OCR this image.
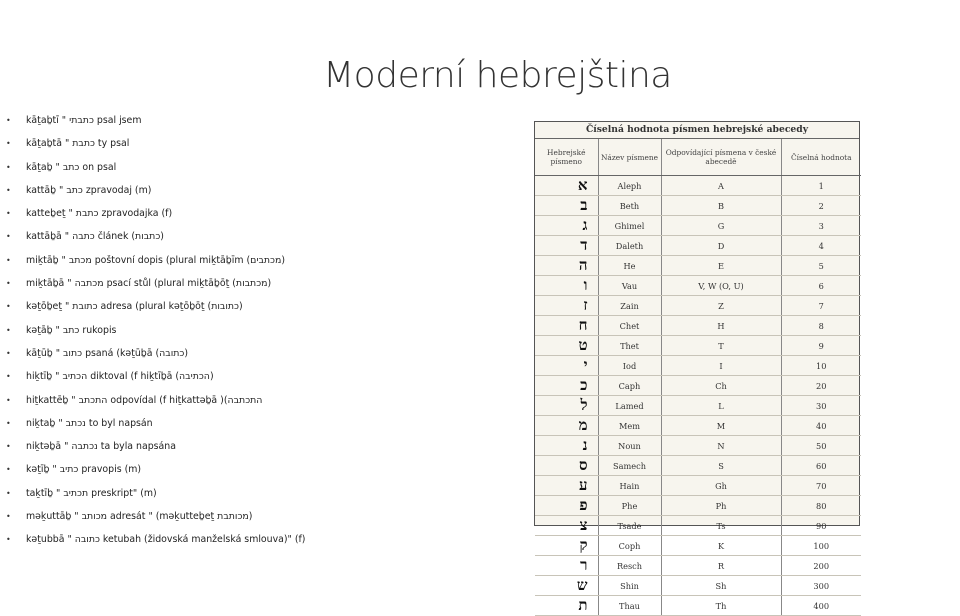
Moderní hebrejština
• kāṯaḇtī " כתבתי psal jsem
• kāṯaḇtā " כתבת ty psal
• kāṯaḇ " כתב on psal
• kattāḇ " כתב zpravodaj (m)
• katteḇeṯ " כתבת zpravodajka (f)
• kattāḇā " כתבה článek (כתבות)
• miḵtāḇ " מכתב poštovní dopis (plural miḵtāḇīm (מכתבים)
• miḵtāḇā " מכתבה psací stůl (plural miḵtāḇōṯ (מכתבות)
• kəṯōḇeṯ " כתובת adresa (plural kəṯōḇōṯ (כתובות)
• kəṯāḇ " כתב rukopis
• kāṯūḇ " כתוב psaná (kəṯūḇā (כתובה)
• hiḵtīḇ " הכתיב diktoval (f hiḵtīḇā (הכתיבה)
• hiṯkattēḇ " התכתב odpovídal (f hiṯkattəḇā )(התכתבה
• niḵtaḇ " נכתב to byl napsán
• niḵtəḇā " נכתבה ta byla napsána
• kəṯīḇ " כתיב pravopis (m)
• taḵtīḇ " תכתיב preskript" (m)
• məḵuttāḇ " מכותב adresát " (məḵutteḇeṯ מכותבת)
• kəṯubbā " כתובה ketubah (židovská manželská smlouva)" (f)
Číselná hodnota písmen hebrejské abecedy
Hebrejské písmeno	Název písmene	Odpovídající písmena v české abecedě	Číselná hodnota
א	Aleph	A	1
ב	Beth	B	2
ג	Ghimel	G	3
ד	Daleth	D	4
ה	He	E	5
ו	Vau	V, W (O, U)	6
ז	Zain	Z	7
ח	Chet	H	8
ט	Thet	T	9
י	Iod	I	10
כ	Caph	Ch	20
ל	Lamed	L	30
מ	Mem	M	40
נ	Noun	N	50
ס	Samech	S	60
ע	Hain	Gh	70
פ	Phe	Ph	80
צ	Tsade	Ts	90
ק	Coph	K	100
ר	Resch	R	200
ש	Shin	Sh	300
ת	Thau	Th	400
